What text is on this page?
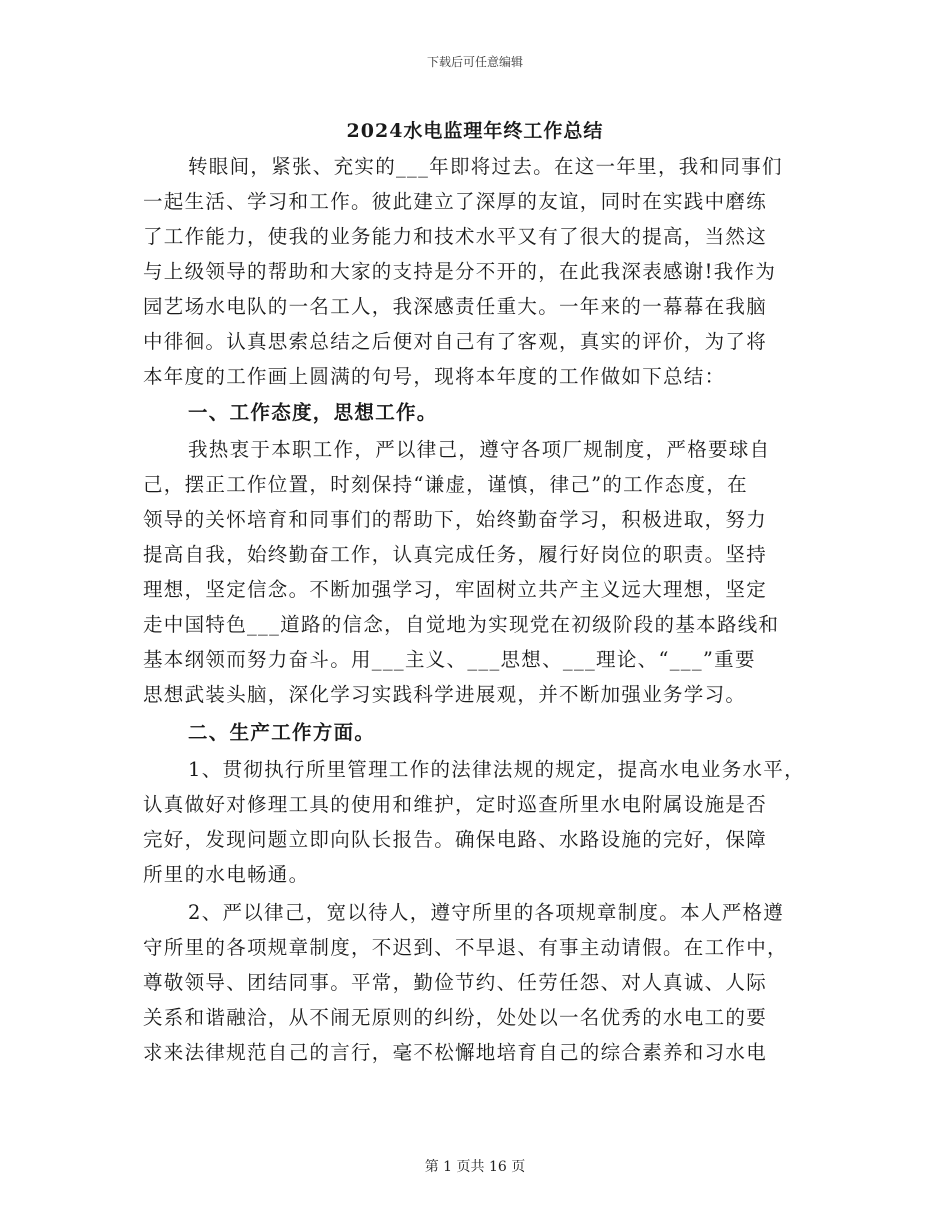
下载后可任意编辑
2024水电监理年终工作总结
转眼间，紧张、充实的___年即将过去。在这一年里，我和同事们
一起生活、学习和工作。彼此建立了深厚的友谊，同时在实践中磨练
了工作能力，使我的业务能力和技术水平又有了很大的提高，当然这
与上级领导的帮助和大家的支持是分不开的，在此我深表感谢!我作为
园艺场水电队的一名工人，我深感责任重大。一年来的一幕幕在我脑
中徘徊。认真思索总结之后便对自己有了客观，真实的评价，为了将
本年度的工作画上圆满的句号，现将本年度的工作做如下总结：
一、工作态度，思想工作。
我热衷于本职工作，严以律己，遵守各项厂规制度，严格要球自
己，摆正工作位置，时刻保持“谦虚，谨慎，律己”的工作态度，在
领导的关怀培育和同事们的帮助下，始终勤奋学习，积极进取，努力
提高自我，始终勤奋工作，认真完成任务，履行好岗位的职责。坚持
理想，坚定信念。不断加强学习，牢固树立共产主义远大理想，坚定
走中国特色___道路的信念，自觉地为实现党在初级阶段的基本路线和
基本纲领而努力奋斗。用___主义、___思想、___理论、“___”重要
思想武装头脑，深化学习实践科学进展观，并不断加强业务学习。
二、生产工作方面。
1、贯彻执行所里管理工作的法律法规的规定，提高水电业务水平，
认真做好对修理工具的使用和维护，定时巡查所里水电附属设施是否
完好，发现问题立即向队长报告。确保电路、水路设施的完好，保障
所里的水电畅通。
2、严以律己，宽以待人，遵守所里的各项规章制度。本人严格遵
守所里的各项规章制度，不迟到、不早退、有事主动请假。在工作中，
尊敬领导、团结同事。平常，勤俭节约、任劳任怨、对人真诚、人际
关系和谐融洽，从不闹无原则的纠纷，处处以一名优秀的水电工的要
求来法律规范自己的言行，毫不松懈地培育自己的综合素养和习水电
第 1 页共 16 页
